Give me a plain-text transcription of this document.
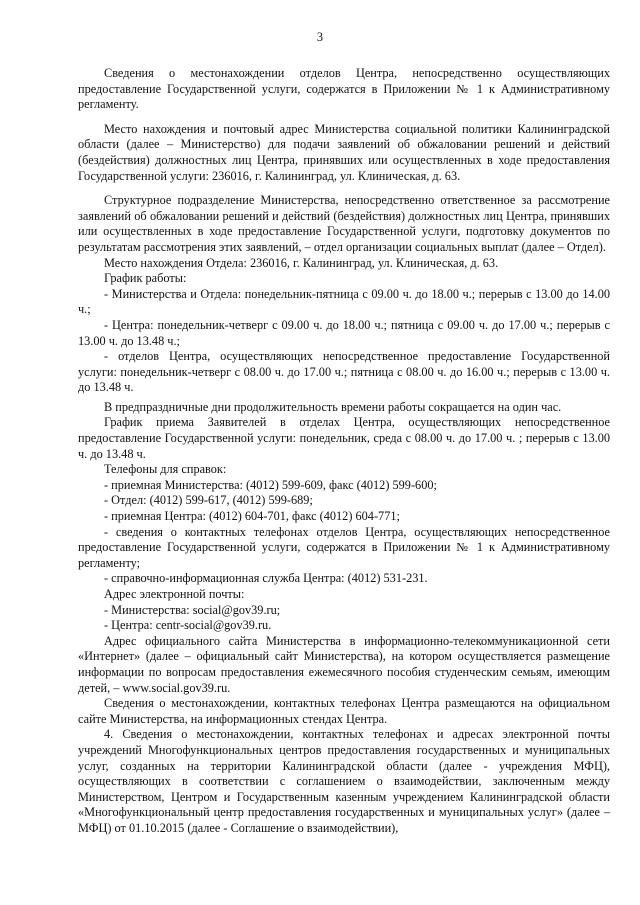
3

Сведения о местонахождении отделов Центра, непосредственно осуществляющих предоставление Государственной услуги, содержатся в Приложении № 1 к Административному регламенту.

Место нахождения и почтовый адрес Министерства социальной политики Калининградской области (далее – Министерство) для подачи заявлений об обжаловании решений и действий (бездействия) должностных лиц Центра, принявших или осуществленных в ходе предоставления Государственной услуги: 236016, г. Калининград, ул. Клиническая, д. 63.

Структурное подразделение Министерства, непосредственно ответственное за рассмотрение заявлений об обжаловании решений и действий (бездействия) должностных лиц Центра, принявших или осуществленных в ходе предоставление Государственной услуги, подготовку документов по результатам рассмотрения этих заявлений, – отдел организации социальных выплат (далее – Отдел).

Место нахождения Отдела: 236016, г. Калининград, ул. Клиническая, д. 63.

График работы:

- Министерства и Отдела: понедельник-пятница с 09.00 ч. до 18.00 ч.; перерыв с 13.00 до 14.00 ч.;

- Центра: понедельник-четверг с 09.00 ч. до 18.00 ч.; пятница с 09.00 ч. до 17.00 ч.; перерыв с 13.00 ч. до 13.48 ч.;

- отделов Центра, осуществляющих непосредственное предоставление Государственной услуги: понедельник-четверг с 08.00 ч. до 17.00 ч.; пятница с 08.00 ч. до 16.00 ч.; перерыв с 13.00 ч. до 13.48 ч.

В предпраздничные дни продолжительность времени работы сокращается на один час.

График приема Заявителей в отделах Центра, осуществляющих непосредственное предоставление Государственной услуги: понедельник, среда с 08.00 ч. до 17.00 ч. ; перерыв с 13.00 ч. до 13.48 ч.

Телефоны для справок:

- приемная Министерства: (4012) 599-609, факс (4012) 599-600;

- Отдел: (4012) 599-617, (4012) 599-689;

- приемная Центра: (4012) 604-701, факс (4012) 604-771;

- сведения о контактных телефонах отделов Центра, осуществляющих непосредственное предоставление Государственной услуги, содержатся в Приложении № 1 к Административному регламенту;

- справочно-информационная служба Центра: (4012) 531-231.

Адрес электронной почты:

- Министерства: social@gov39.ru;

- Центра: centr-social@gov39.ru.

Адрес официального сайта Министерства в информационно-телекоммуникационной сети «Интернет» (далее – официальный сайт Министерства), на котором осуществляется размещение информации по вопросам предоставления ежемесячного пособия студенческим семьям, имеющим детей, – www.social.gov39.ru.

Сведения о местонахождении, контактных телефонах Центра размещаются на официальном сайте Министерства, на информационных стендах Центра.

4. Сведения о местонахождении, контактных телефонах и адресах электронной почты учреждений Многофункциональных центров предоставления государственных и муниципальных услуг, созданных на территории Калининградской области (далее - учреждения МФЦ), осуществляющих в соответствии с соглашением о взаимодействии, заключенным между Министерством, Центром и Государственным казенным учреждением Калининградской области «Многофункциональный центр предоставления государственных и муниципальных услуг» (далее – МФЦ) от 01.10.2015 (далее - Соглашение о взаимодействии),
